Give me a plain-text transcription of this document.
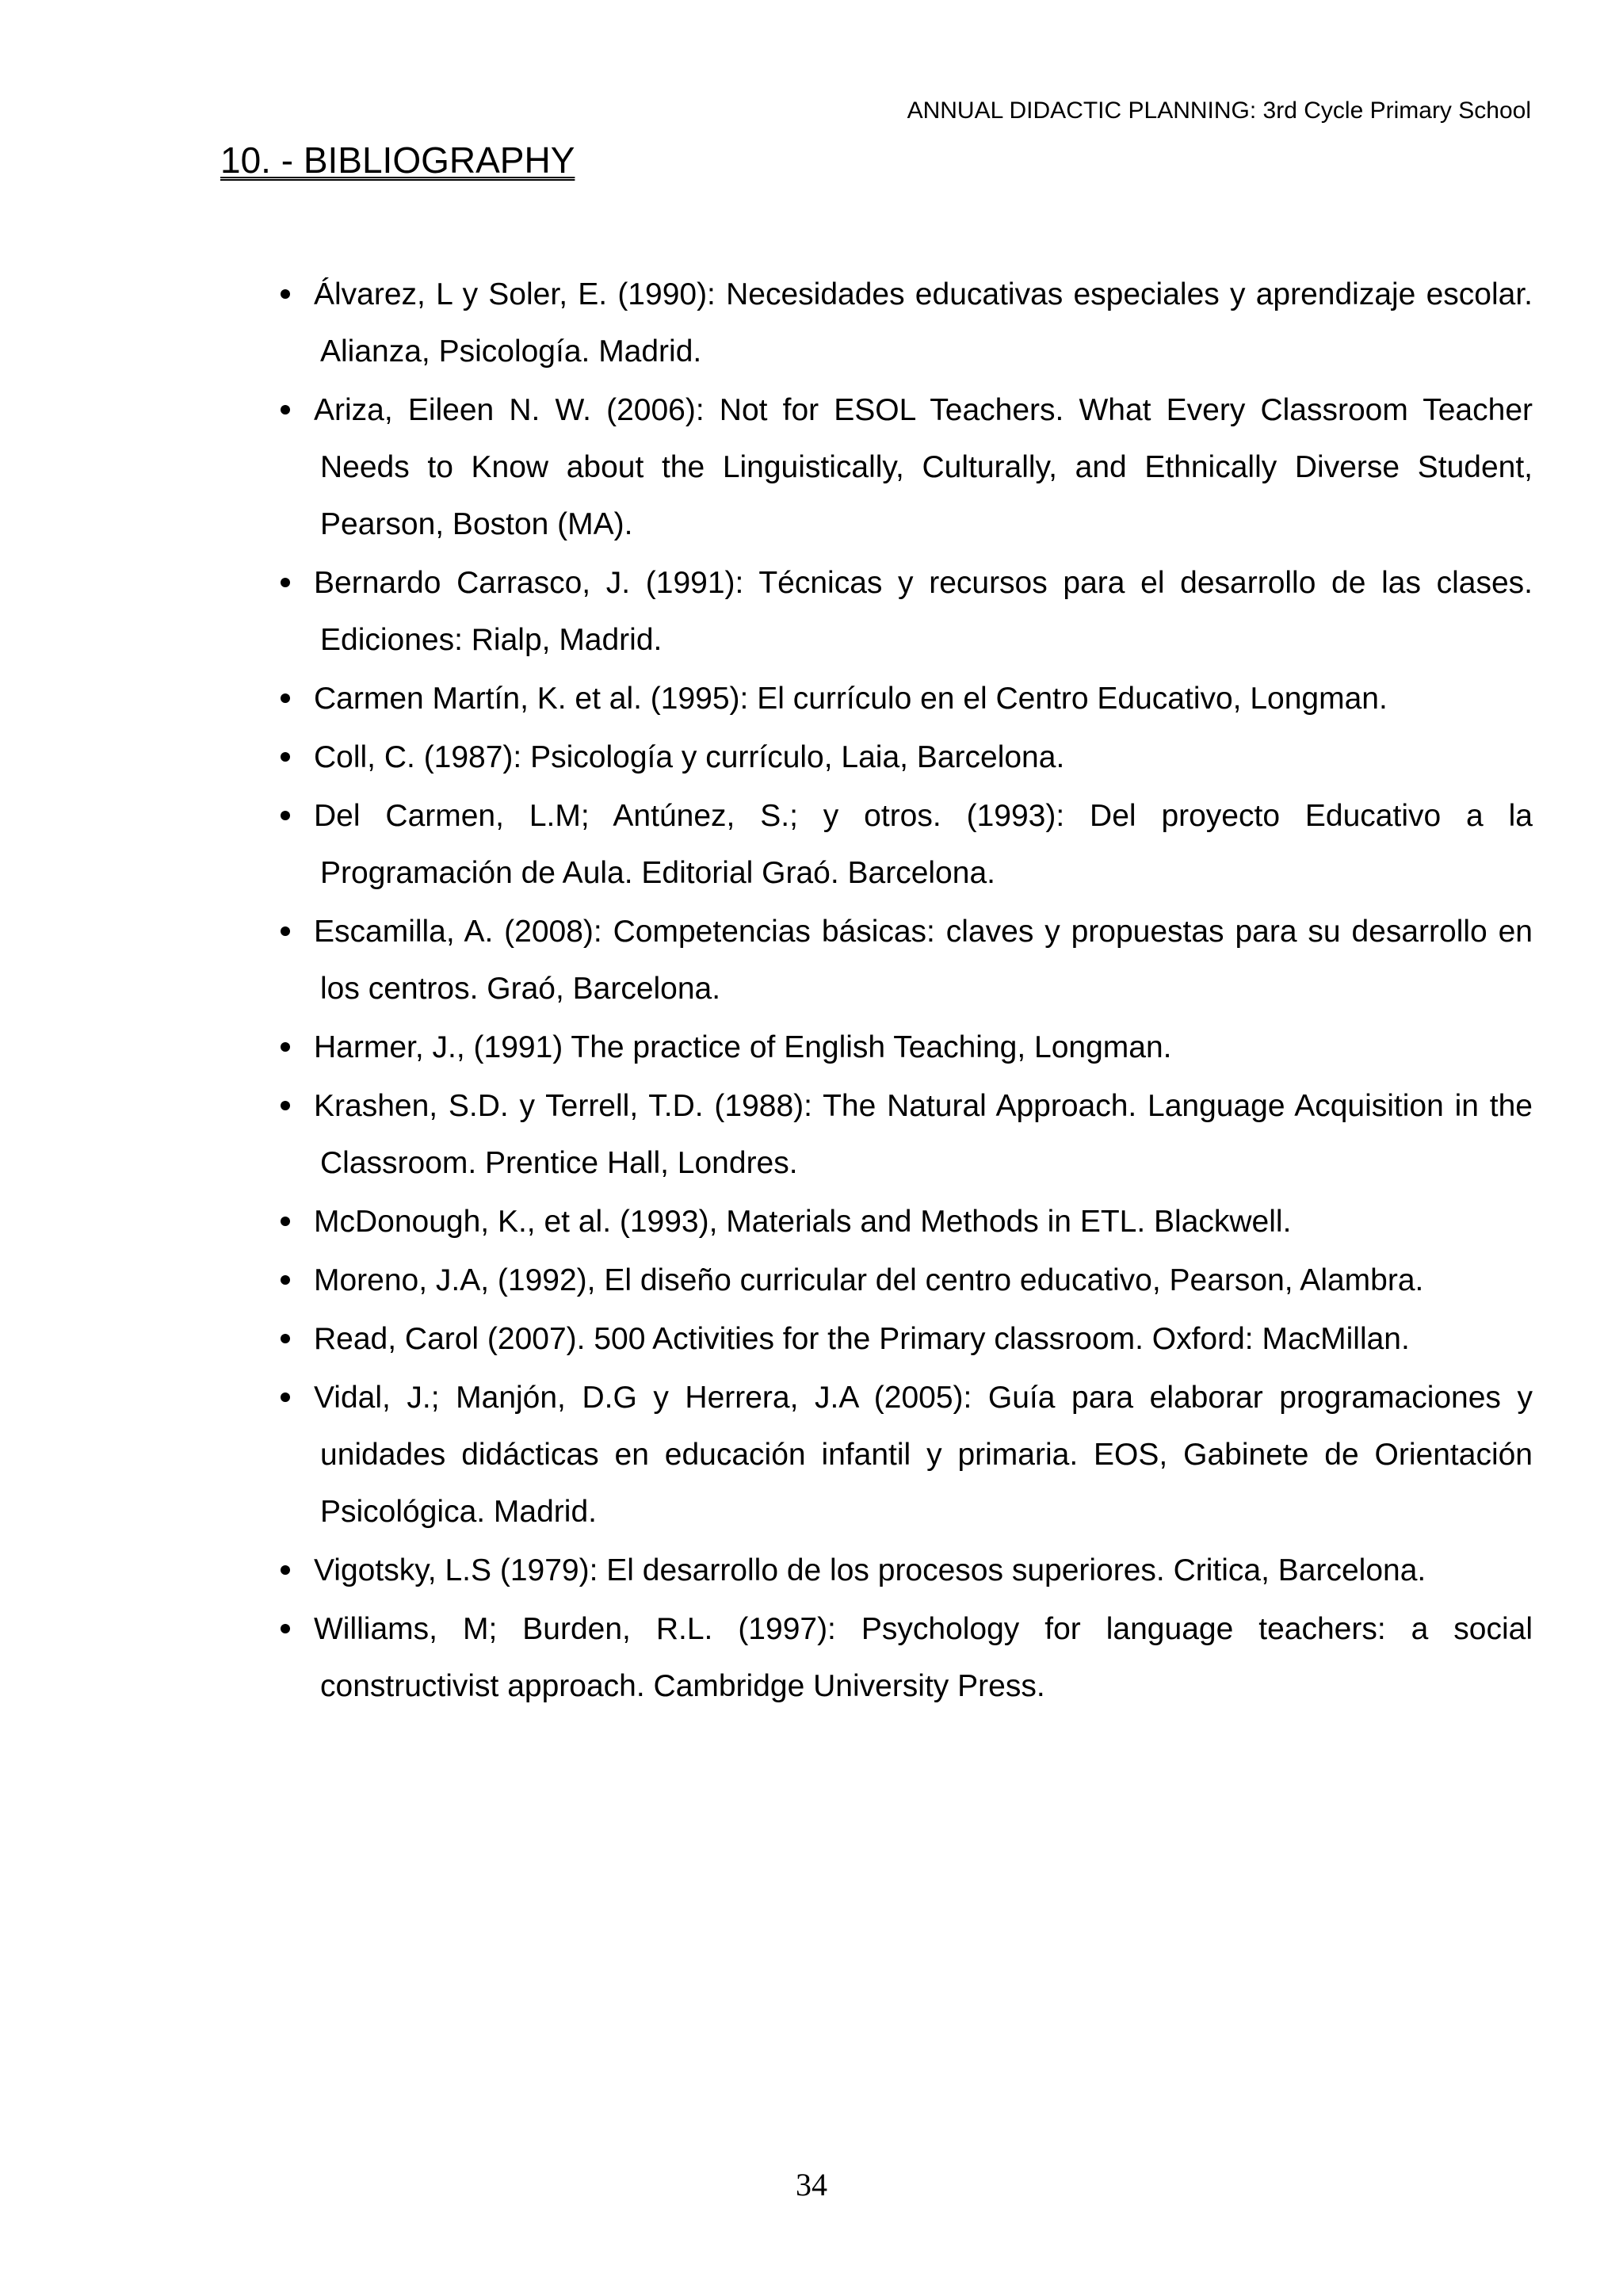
ANNUAL DIDACTIC PLANNING: 3rd Cycle Primary School
10. - BIBLIOGRAPHY
Álvarez, L y Soler, E. (1990): Necesidades educativas especiales y aprendizaje escolar. Alianza, Psicología. Madrid.
Ariza, Eileen N. W. (2006): Not for ESOL Teachers. What Every Classroom Teacher Needs to Know about the Linguistically, Culturally, and Ethnically Diverse Student, Pearson, Boston (MA).
Bernardo Carrasco, J. (1991): Técnicas y recursos para el desarrollo de las clases. Ediciones: Rialp, Madrid.
Carmen Martín, K. et al. (1995): El currículo en el Centro Educativo, Longman.
Coll, C. (1987): Psicología y currículo, Laia, Barcelona.
Del Carmen, L.M; Antúnez, S.; y otros. (1993): Del proyecto Educativo a la Programación de Aula. Editorial Graó. Barcelona.
Escamilla, A. (2008): Competencias básicas: claves y propuestas para su desarrollo en los centros. Graó, Barcelona.
Harmer, J., (1991) The practice of English Teaching, Longman.
Krashen, S.D. y Terrell, T.D. (1988): The Natural Approach. Language Acquisition in the Classroom. Prentice Hall, Londres.
McDonough, K., et al. (1993), Materials and Methods in ETL. Blackwell.
Moreno, J.A, (1992), El diseño curricular del centro educativo, Pearson, Alambra.
Read, Carol (2007). 500 Activities for the Primary classroom. Oxford: MacMillan.
Vidal, J.; Manjón, D.G y Herrera, J.A (2005): Guía para elaborar programaciones y unidades didácticas en educación infantil y primaria. EOS, Gabinete de Orientación Psicológica. Madrid.
Vigotsky, L.S (1979): El desarrollo de los procesos superiores. Critica, Barcelona.
Williams, M; Burden, R.L. (1997): Psychology for language teachers: a social constructivist approach. Cambridge University Press.
34
